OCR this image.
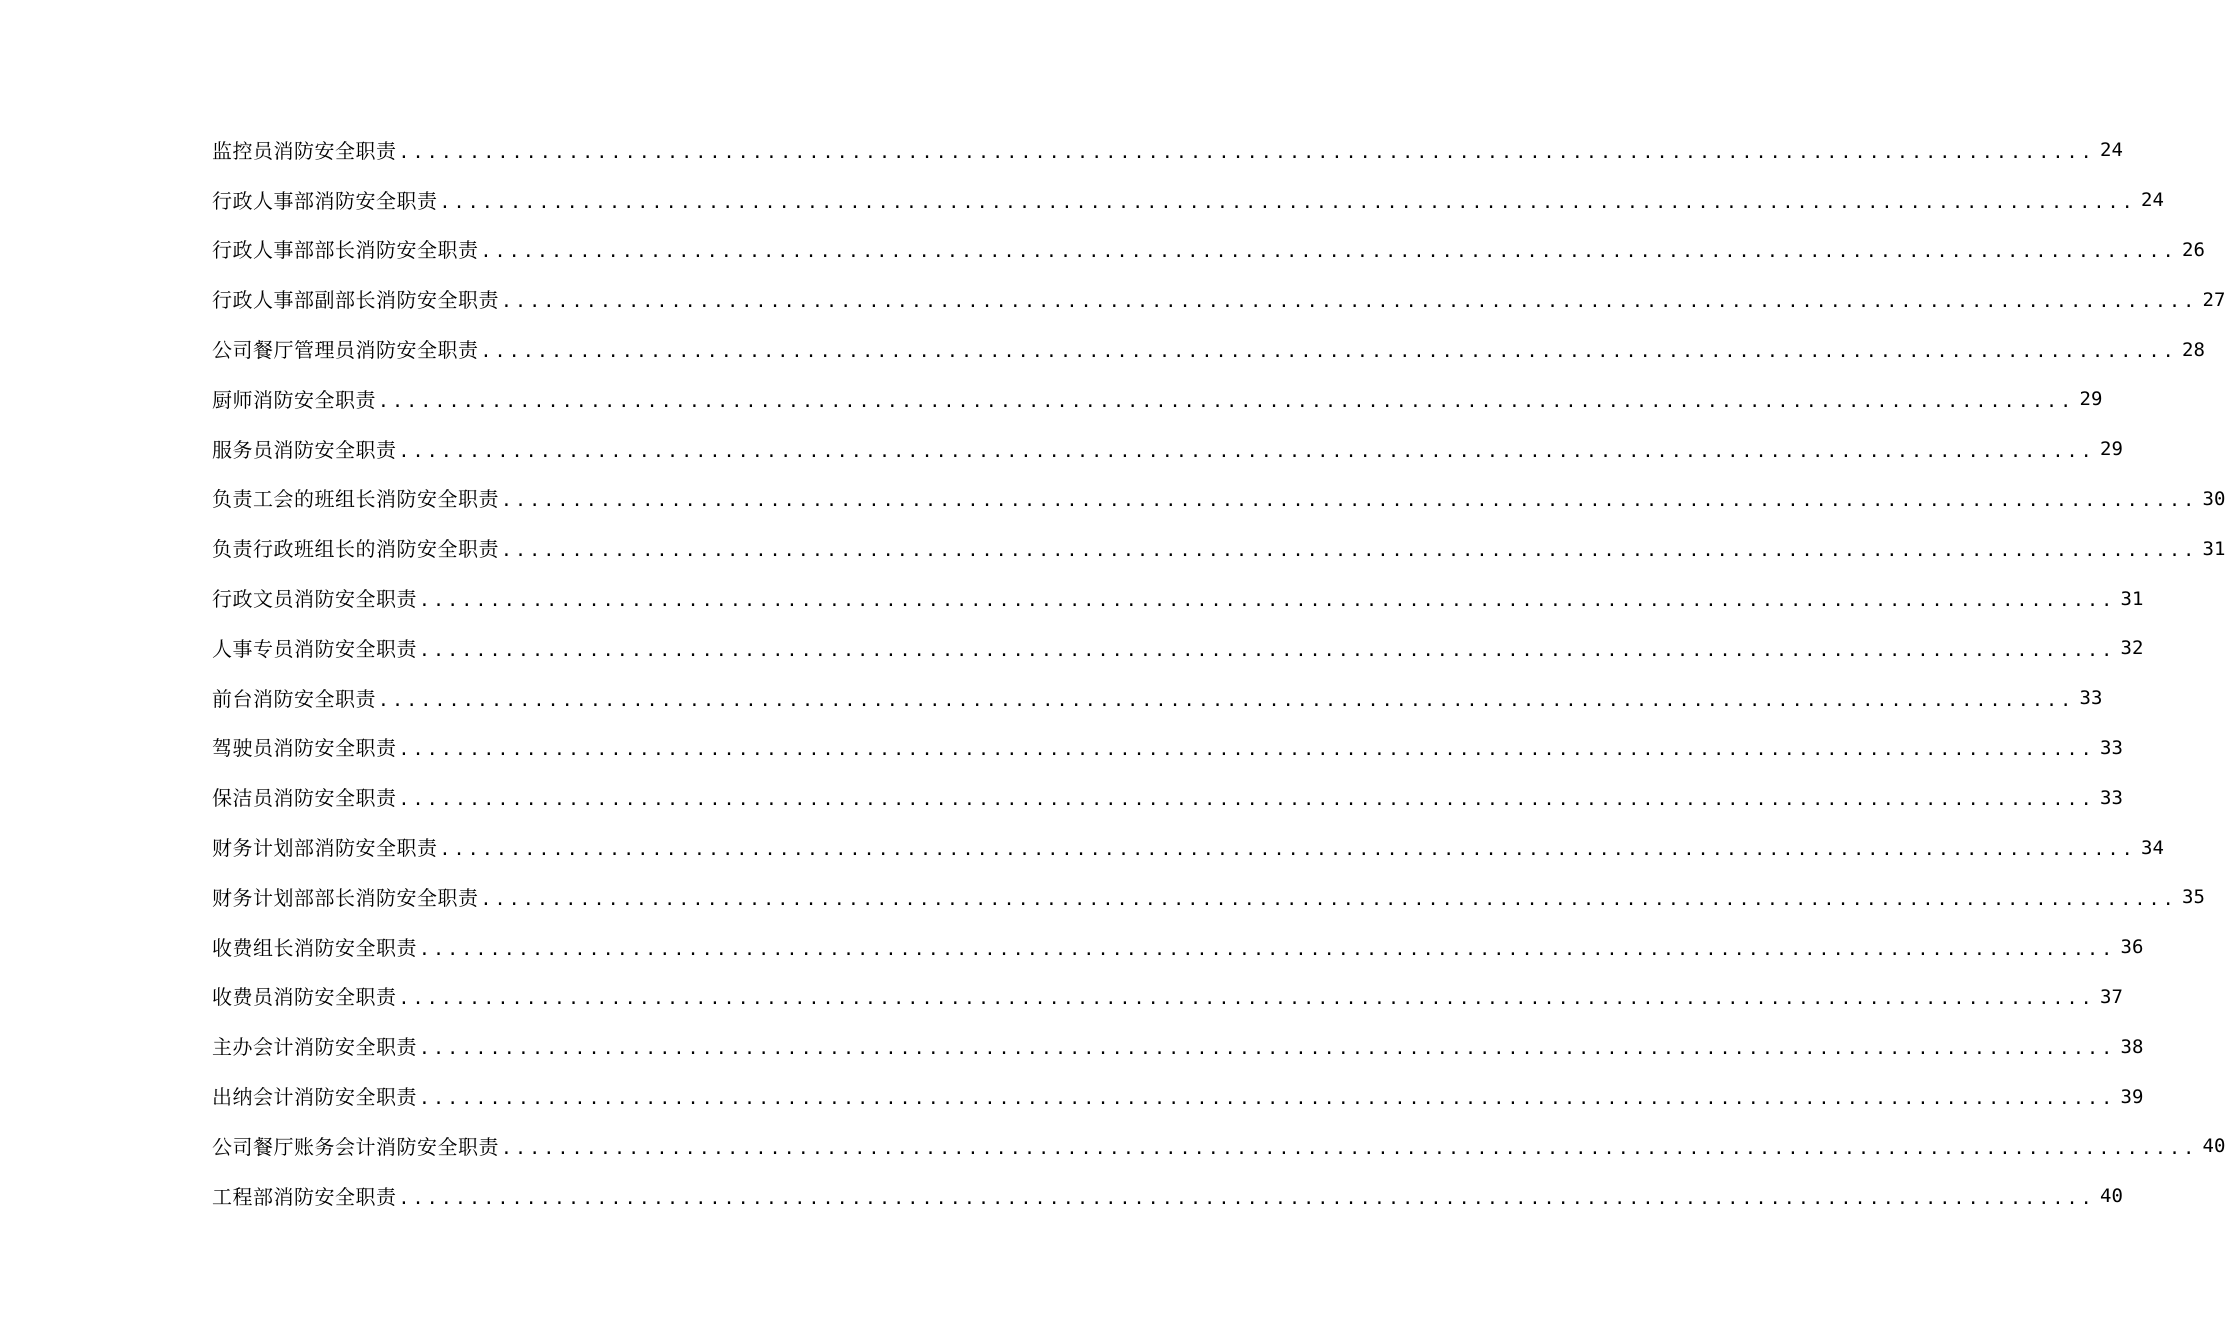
监控员消防安全职责 ........................................................................................................................ 24
行政人事部消防安全职责 ........................................................................................................................ 24
行政人事部部长消防安全职责 ........................................................................................................................ 26
行政人事部副部长消防安全职责 ........................................................................................................................ 27
公司餐厅管理员消防安全职责 ........................................................................................................................ 28
厨师消防安全职责 ........................................................................................................................ 29
服务员消防安全职责 ........................................................................................................................ 29
负责工会的班组长消防安全职责 ........................................................................................................................ 30
负责行政班组长的消防安全职责 ........................................................................................................................ 31
行政文员消防安全职责 ........................................................................................................................ 31
人事专员消防安全职责 ........................................................................................................................ 32
前台消防安全职责 ........................................................................................................................ 33
驾驶员消防安全职责 ........................................................................................................................ 33
保洁员消防安全职责 ........................................................................................................................ 33
财务计划部消防安全职责 ........................................................................................................................ 34
财务计划部部长消防安全职责 ........................................................................................................................ 35
收费组长消防安全职责 ........................................................................................................................ 36
收费员消防安全职责 ........................................................................................................................ 37
主办会计消防安全职责 ........................................................................................................................ 38
出纳会计消防安全职责 ........................................................................................................................ 39
公司餐厅账务会计消防安全职责 ........................................................................................................................ 40
工程部消防安全职责 ........................................................................................................................ 40
